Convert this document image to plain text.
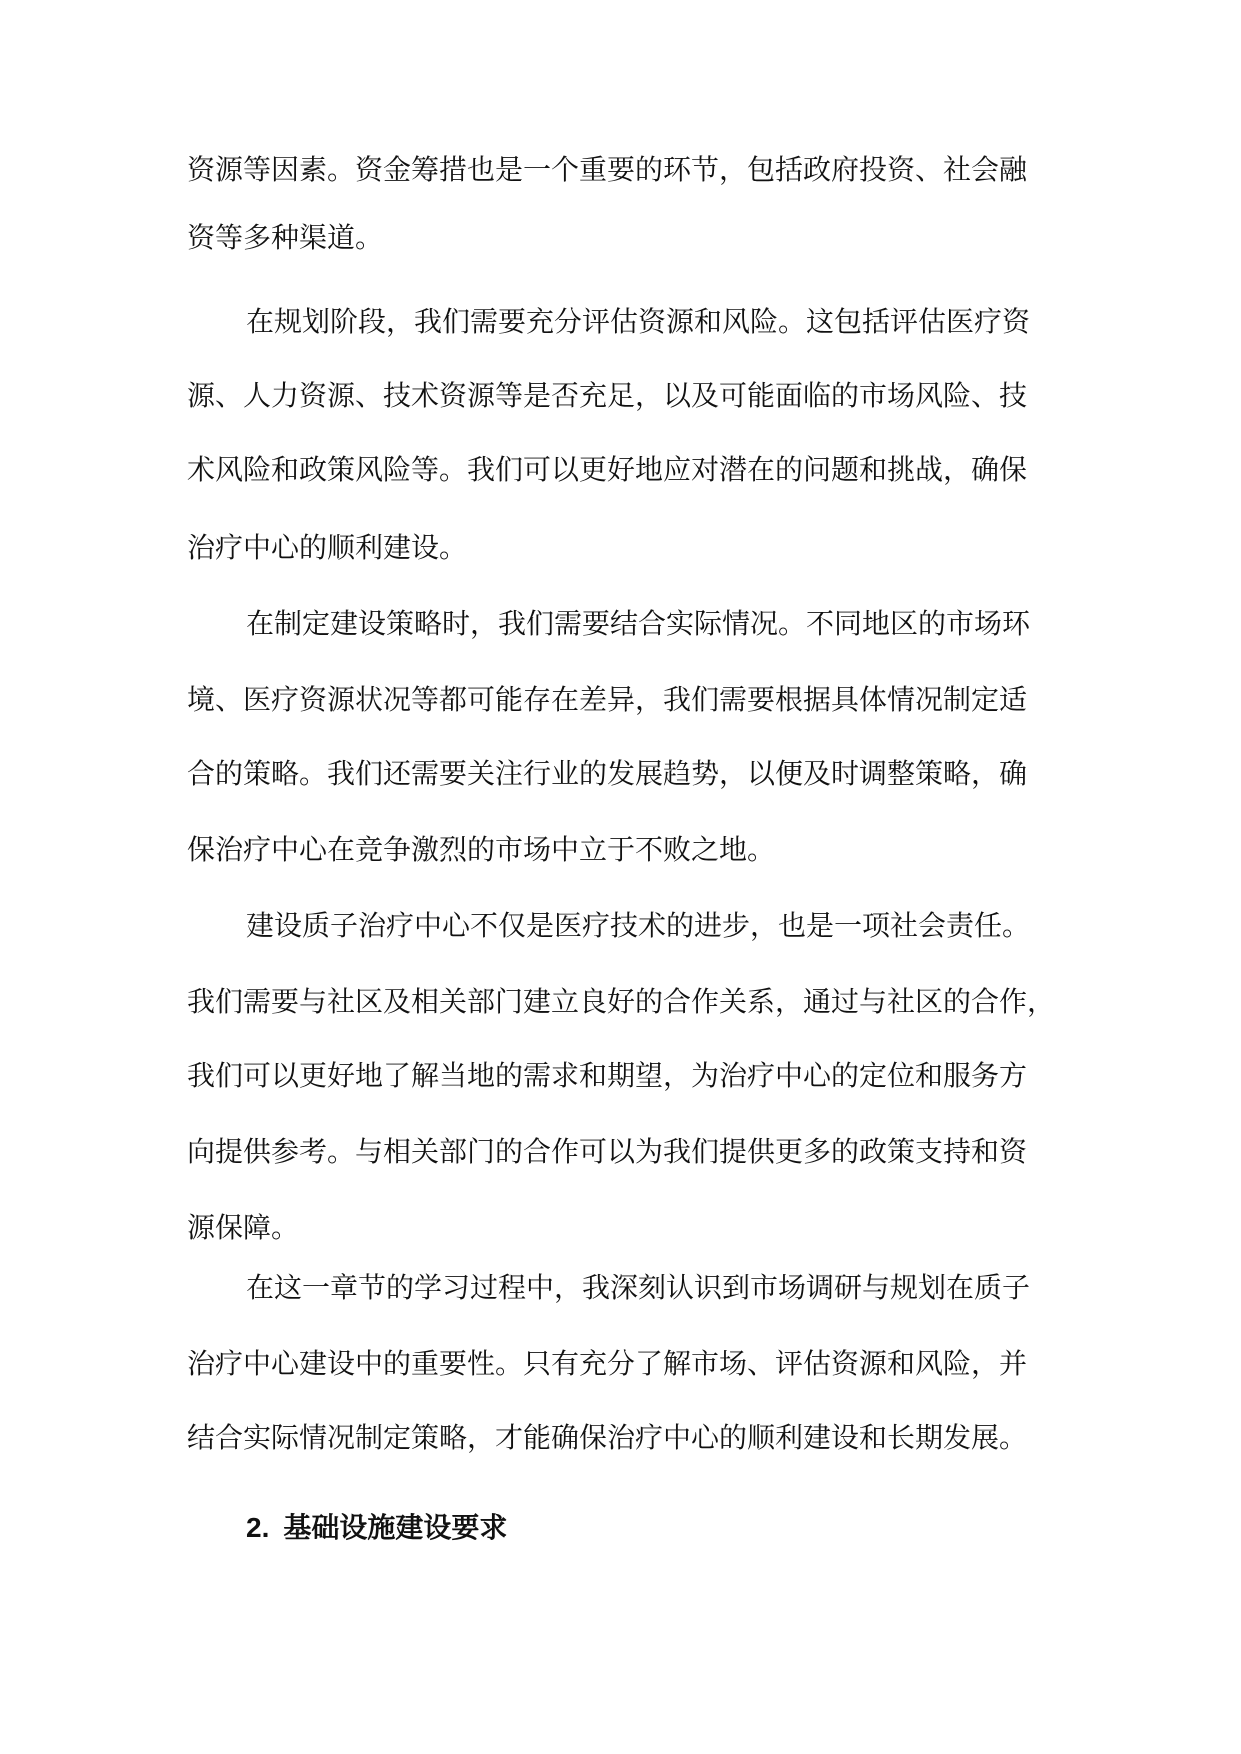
资源等因素。资金筹措也是一个重要的环节，包括政府投资、社会融
资等多种渠道。
在规划阶段，我们需要充分评估资源和风险。这包括评估医疗资
源、人力资源、技术资源等是否充足，以及可能面临的市场风险、技
术风险和政策风险等。我们可以更好地应对潜在的问题和挑战，确保
治疗中心的顺利建设。
在制定建设策略时，我们需要结合实际情况。不同地区的市场环
境、医疗资源状况等都可能存在差异，我们需要根据具体情况制定适
合的策略。我们还需要关注行业的发展趋势，以便及时调整策略，确
保治疗中心在竞争激烈的市场中立于不败之地。
建设质子治疗中心不仅是医疗技术的进步，也是一项社会责任。
我们需要与社区及相关部门建立良好的合作关系，通过与社区的合作，
我们可以更好地了解当地的需求和期望，为治疗中心的定位和服务方
向提供参考。与相关部门的合作可以为我们提供更多的政策支持和资
源保障。
在这一章节的学习过程中，我深刻认识到市场调研与规划在质子
治疗中心建设中的重要性。只有充分了解市场、评估资源和风险，并
结合实际情况制定策略，才能确保治疗中心的顺利建设和长期发展。
2. 基础设施建设要求
